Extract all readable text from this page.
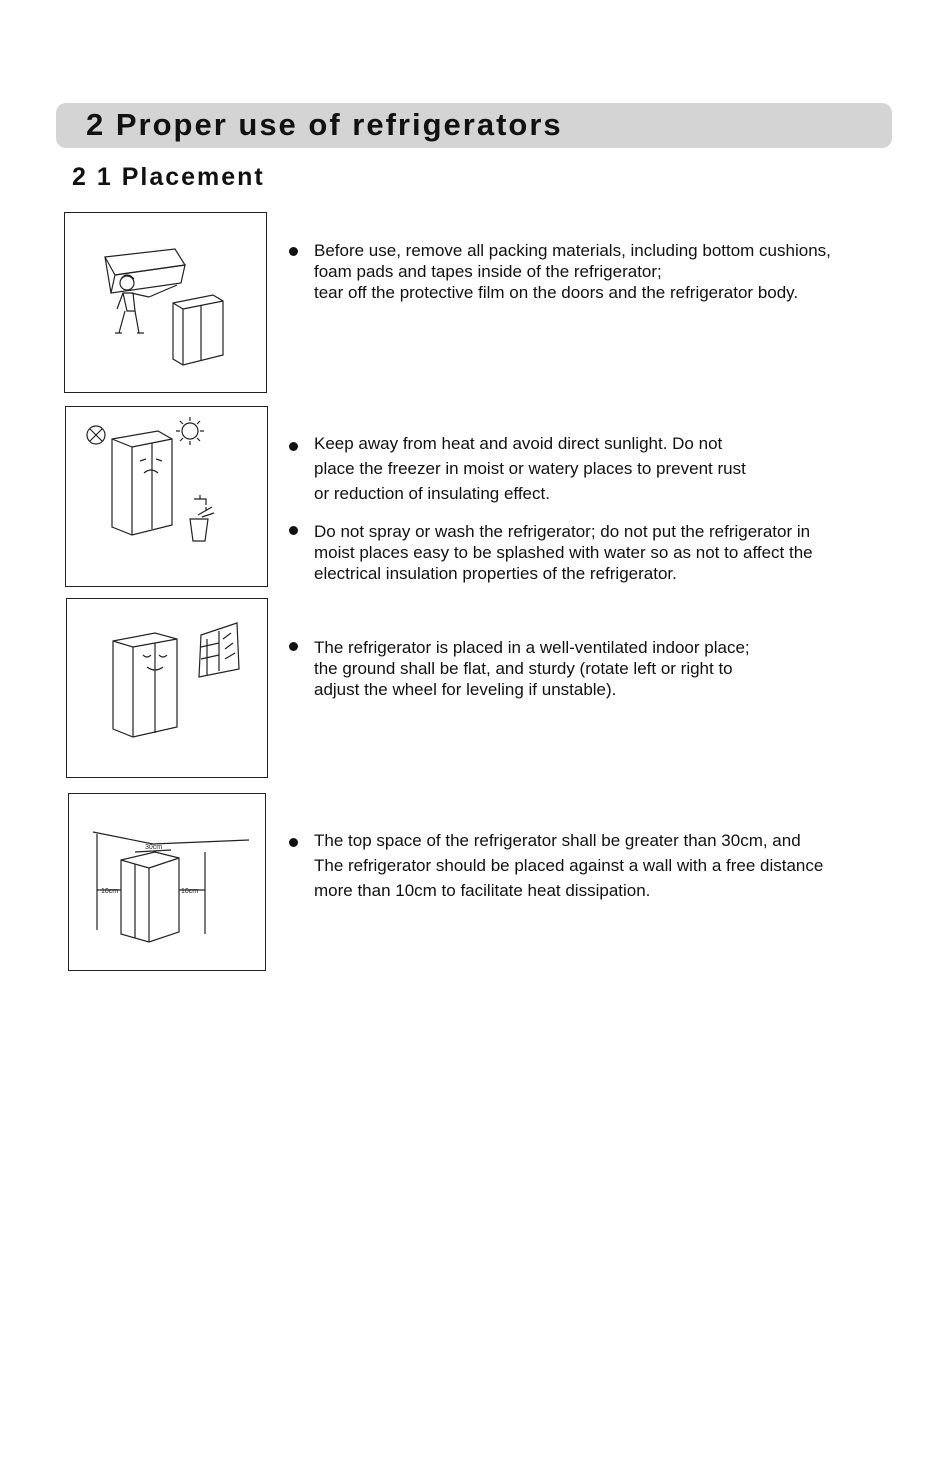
2 Proper use of refrigerators
2 1 Placement
30cm
10cm	10cm
Before use, remove all packing materials, including bottom cushions,
foam pads and tapes inside of the refrigerator;
tear off the protective film on the doors and the refrigerator body.
Keep away from heat and avoid direct sunlight. Do not
place the freezer in moist or watery places to prevent rust
or reduction of insulating effect.
Do not spray or wash the refrigerator; do not put the refrigerator in
moist places easy to be splashed with water so as not to affect the
electrical insulation properties of the refrigerator.
The refrigerator is placed in a well-ventilated indoor place;
the ground shall be flat, and sturdy (rotate left or right to
adjust the wheel for leveling if unstable).
The top space of the refrigerator shall be greater than 30cm, and
The refrigerator should be placed against a wall with a free distance
more than 10cm to facilitate heat dissipation.
